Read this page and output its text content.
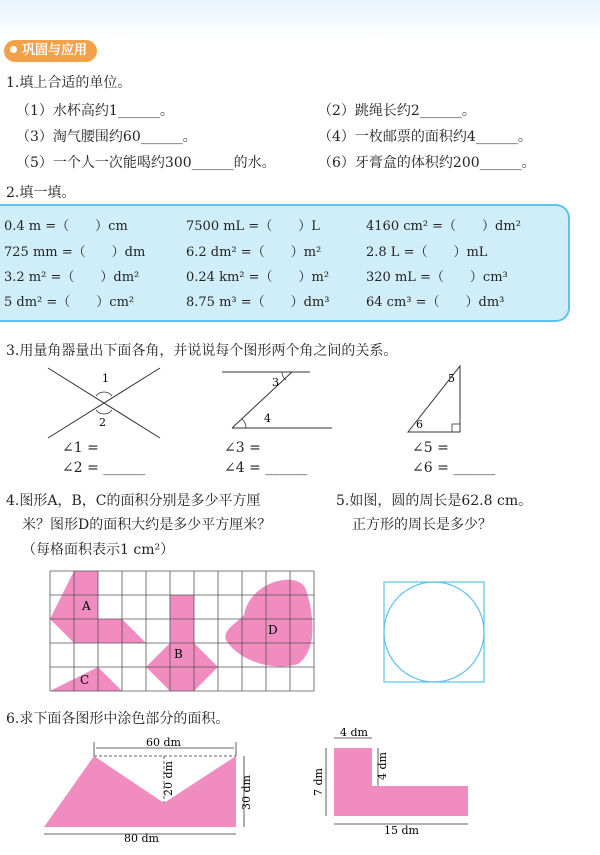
巩固与应用
1.填上合适的单位。
（1）水杯高约1______。	（2）跳绳长约2______。
（3）淘气腰围约60______。	（4）一枚邮票的面积约4______。
（5）一个人一次能喝约300______的水。	（6）牙膏盒的体积约200______。
2.填一填。
0.4 m =（　　）cm	7500 mL =（　　）L	4160 cm² =（　　）dm²
725 mm =（　　）dm	6.2 dm² =（　　）m²	2.8 L =（　　）mL
3.2 m² =（　　）dm²	0.24 km² =（　　）m²	320 mL =（　　）cm³
5 dm² =（　　）cm²	8.75 m³ =（　　）dm³	64 cm³ =（　　）dm³
3.用量角器量出下面各角，并说说每个图形两个角之间的关系。
1
2
3
4
5
6
∠1 =
∠2 = ______
∠3 =
∠4 = ______
∠5 =
∠6 = ______
4.图形A，B，C的面积分别是多少平方厘
米？图形D的面积大约是多少平方厘米？
（每格面积表示1 cm²）
5.如图，圆的周长是62.8 cm。
正方形的周长是多少？
A
B
C
D
6.求下面各图形中涂色部分的面积。
60 dm
20 dm	30 dm
80 dm
4 dm
4 dm
7 dm
15 dm
